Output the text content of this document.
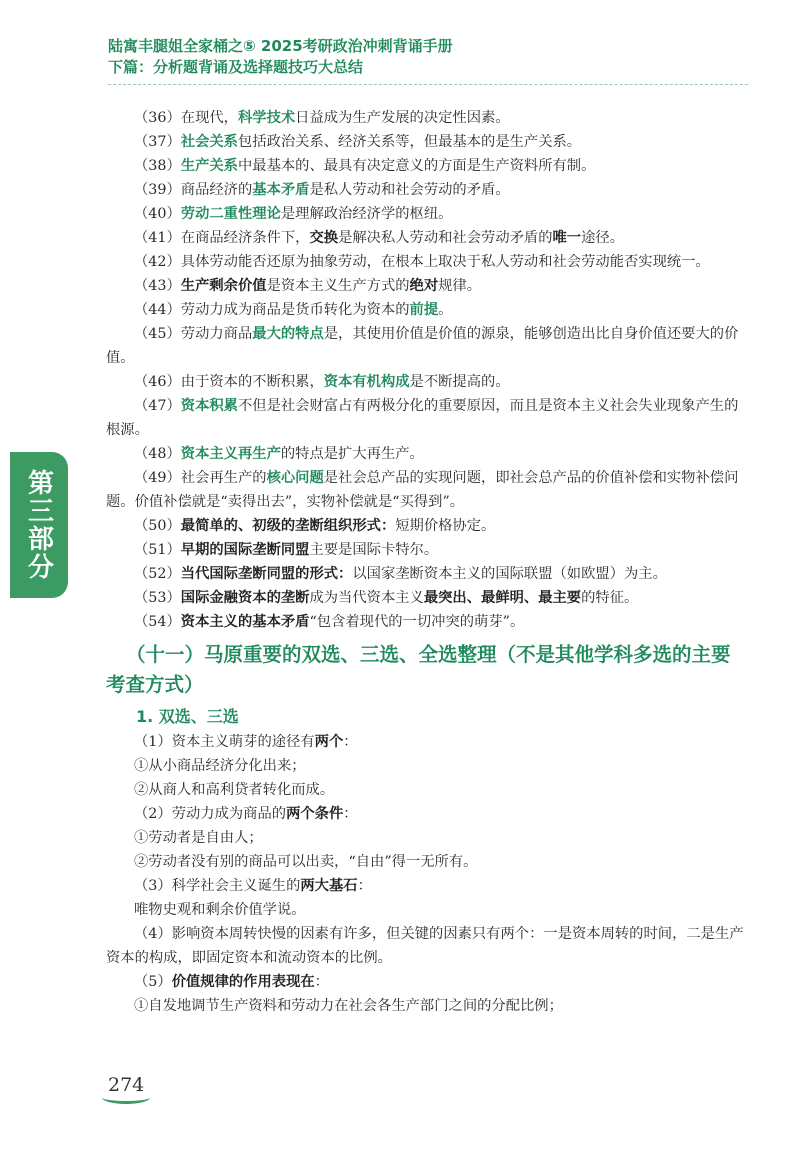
陆寓丰腿姐全家桶之⑤ 2025考研政治冲刺背诵手册
下篇：分析题背诵及选择题技巧大总结
第三部分

（36）在现代，科学技术日益成为生产发展的决定性因素。

（37）社会关系包括政治关系、经济关系等，但最基本的是生产关系。

（38）生产关系中最基本的、最具有决定意义的方面是生产资料所有制。

（39）商品经济的基本矛盾是私人劳动和社会劳动的矛盾。

（40）劳动二重性理论是理解政治经济学的枢纽。

（41）在商品经济条件下，交换是解决私人劳动和社会劳动矛盾的唯一途径。

（42）具体劳动能否还原为抽象劳动，在根本上取决于私人劳动和社会劳动能否实现统一。

（43）生产剩余价值是资本主义生产方式的绝对规律。

（44）劳动力成为商品是货币转化为资本的前提。

（45）劳动力商品最大的特点是，其使用价值是价值的源泉，能够创造出比自身价值还要大的价值。

（46）由于资本的不断积累，资本有机构成是不断提高的。

（47）资本积累不但是社会财富占有两极分化的重要原因，而且是资本主义社会失业现象产生的根源。

（48）资本主义再生产的特点是扩大再生产。

（49）社会再生产的核心问题是社会总产品的实现问题，即社会总产品的价值补偿和实物补偿问题。价值补偿就是“卖得出去”，实物补偿就是“买得到”。

（50）最简单的、初级的垄断组织形式：短期价格协定。

（51）早期的国际垄断同盟主要是国际卡特尔。

（52）当代国际垄断同盟的形式：以国家垄断资本主义的国际联盟（如欧盟）为主。

（53）国际金融资本的垄断成为当代资本主义最突出、最鲜明、最主要的特征。

（54）资本主义的基本矛盾“包含着现代的一切冲突的萌芽”。

（十一）马原重要的双选、三选、全选整理（不是其他学科多选的主要考查方式）
1. 双选、三选

（1）资本主义萌芽的途径有两个：

①从小商品经济分化出来；

②从商人和高利贷者转化而成。

（2）劳动力成为商品的两个条件：

①劳动者是自由人；

②劳动者没有别的商品可以出卖，“自由”得一无所有。

（3）科学社会主义诞生的两大基石：

唯物史观和剩余价值学说。

（4）影响资本周转快慢的因素有许多，但关键的因素只有两个：一是资本周转的时间，二是生产资本的构成，即固定资本和流动资本的比例。

（5）价值规律的作用表现在：

①自发地调节生产资料和劳动力在社会各生产部门之间的分配比例；

274
